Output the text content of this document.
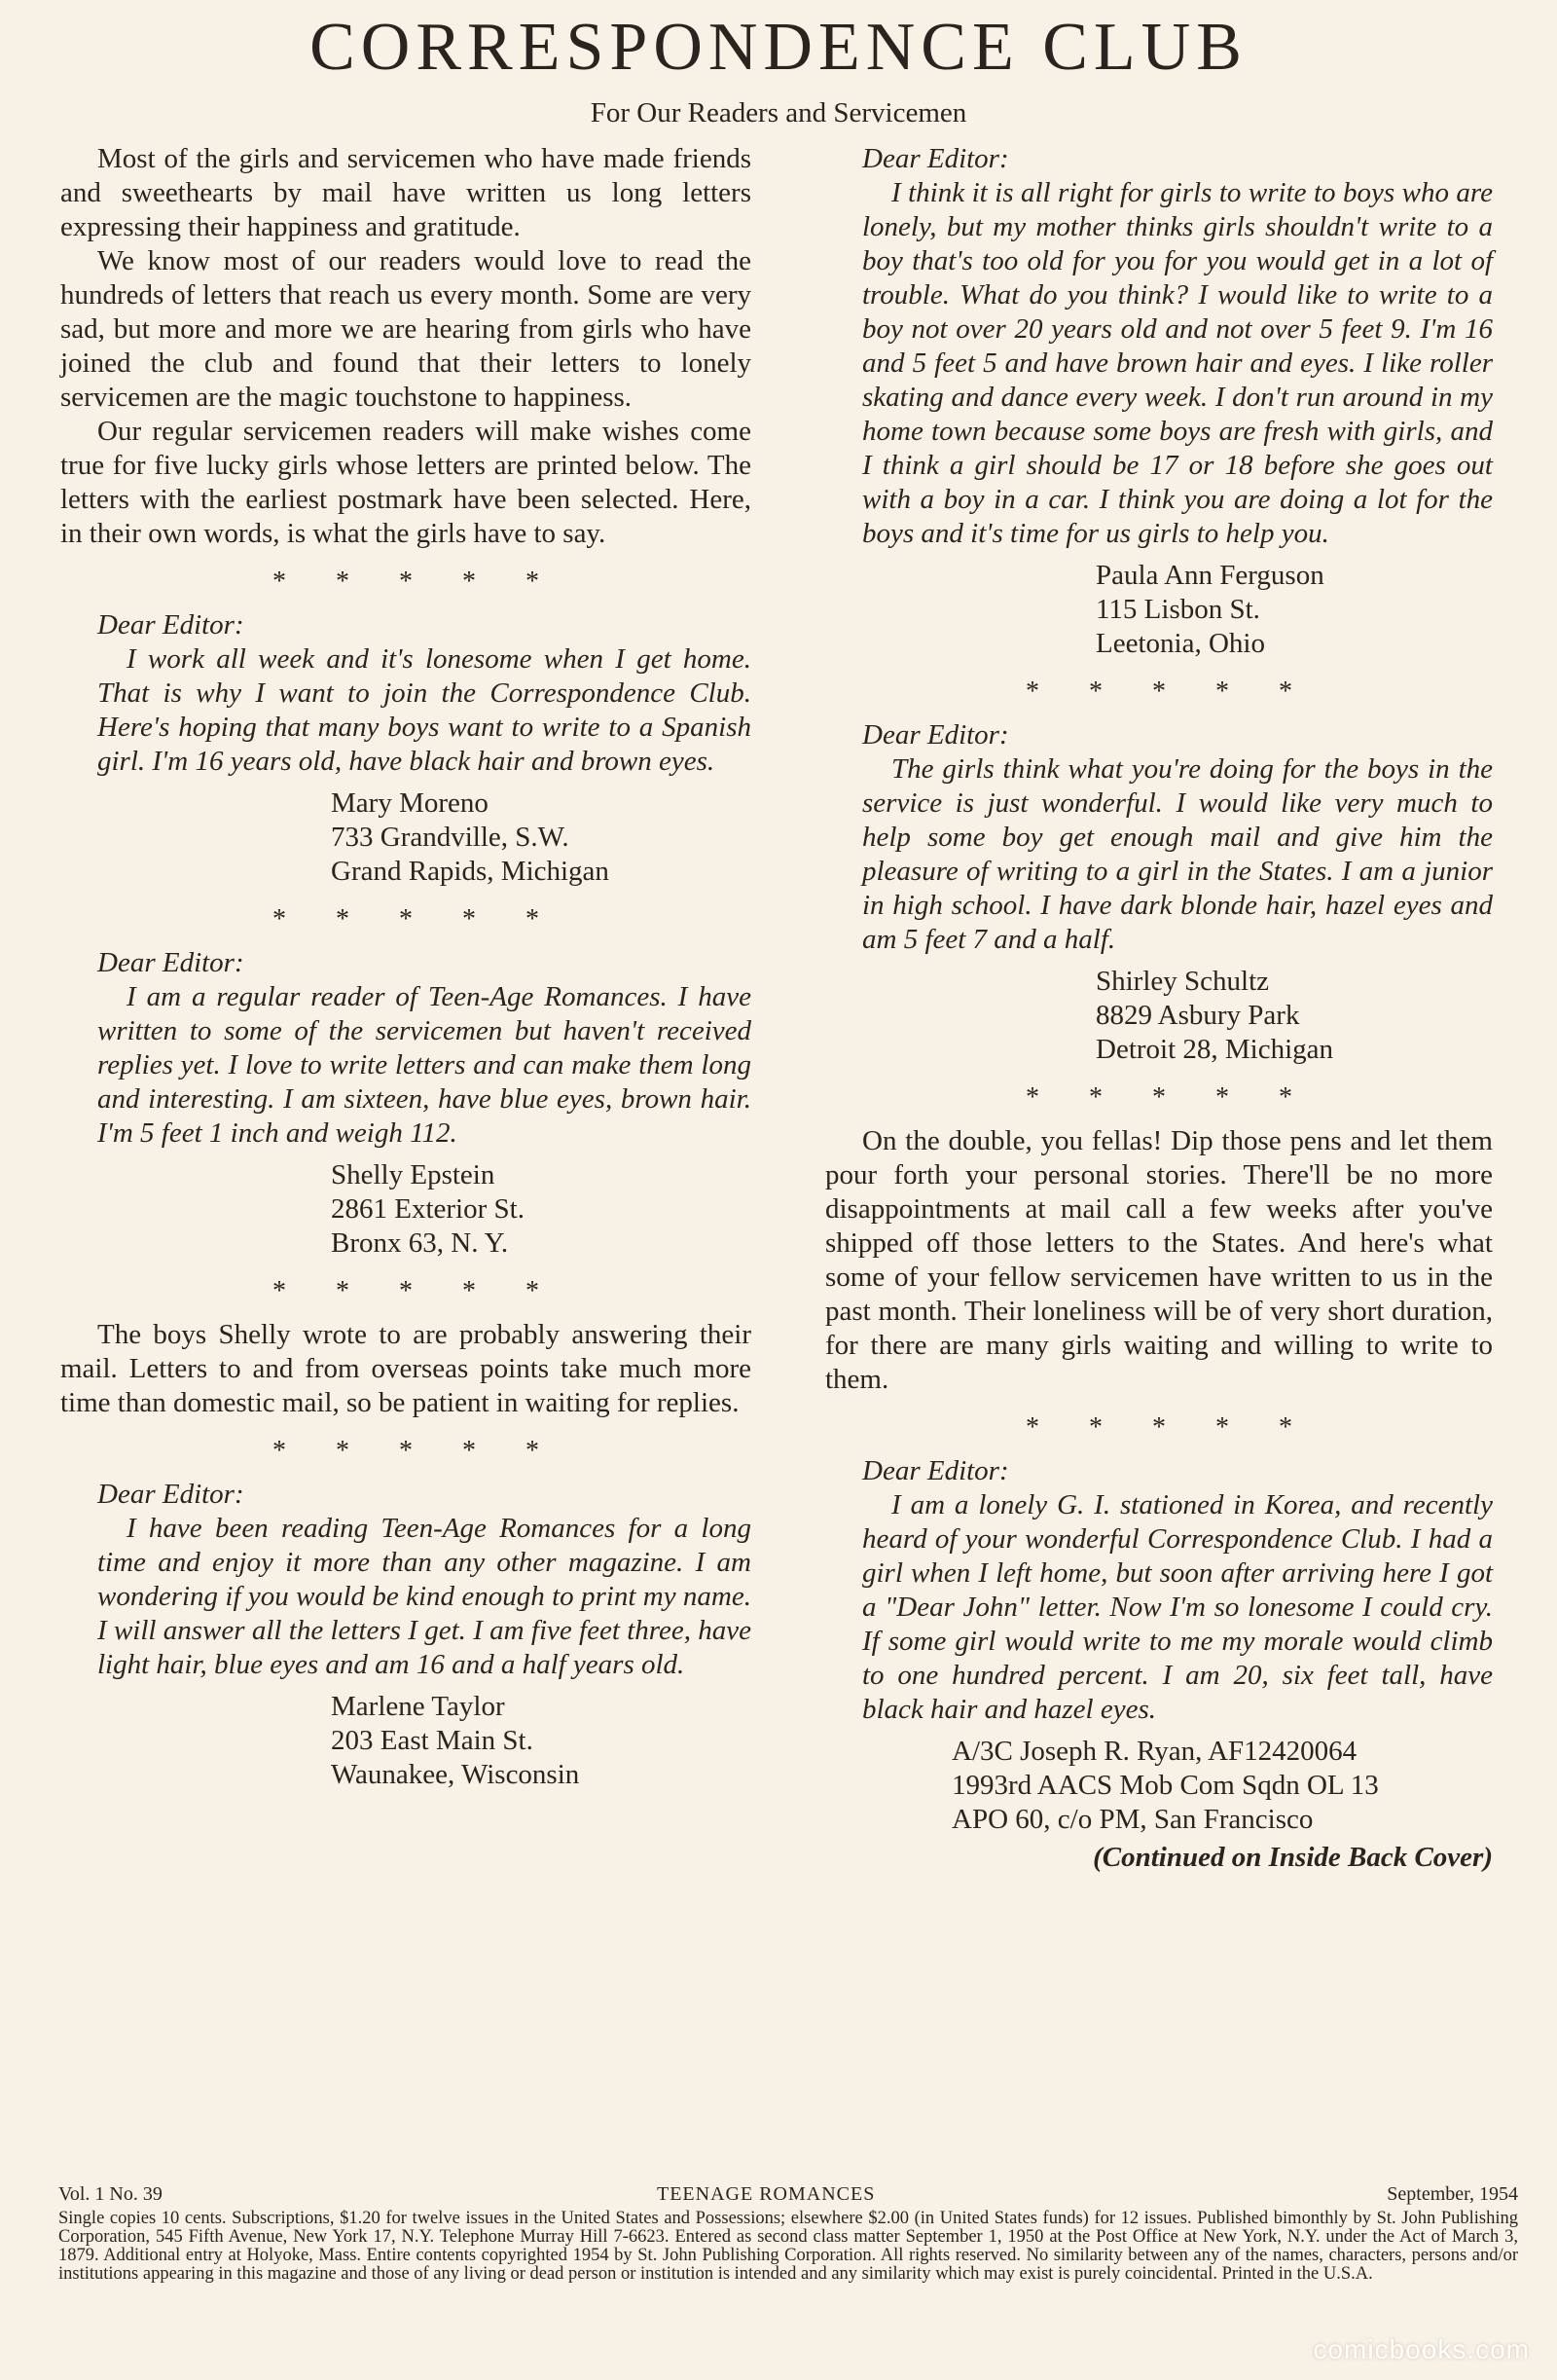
CORRESPONDENCE CLUB

For Our Readers and Servicemen

Most of the girls and servicemen who have made friends and sweethearts by mail have written us long letters expressing their happiness and gratitude.

We know most of our readers would love to read the hundreds of letters that reach us every month. Some are very sad, but more and more we are hearing from girls who have joined the club and found that their letters to lonely servicemen are the magic touchstone to happiness.

Our regular servicemen readers will make wishes come true for five lucky girls whose letters are printed below. The letters with the earliest postmark have been selected. Here, in their own words, is what the girls have to say.

* * * * *

Dear Editor:

I work all week and it's lonesome when I get home. That is why I want to join the Correspondence Club. Here's hoping that many boys want to write to a Spanish girl. I'm 16 years old, have black hair and brown eyes.

Mary Moreno
733 Grandville, S.W.
Grand Rapids, Michigan
* * * * *

Dear Editor:

I am a regular reader of Teen-Age Romances. I have written to some of the servicemen but haven't received replies yet. I love to write letters and can make them long and interesting. I am sixteen, have blue eyes, brown hair. I'm 5 feet 1 inch and weigh 112.

Shelly Epstein
2861 Exterior St.
Bronx 63, N. Y.
* * * * *

The boys Shelly wrote to are probably answering their mail. Letters to and from overseas points take much more time than domestic mail, so be patient in waiting for replies.

* * * * *

Dear Editor:

I have been reading Teen-Age Romances for a long time and enjoy it more than any other magazine. I am wondering if you would be kind enough to print my name. I will answer all the letters I get. I am five feet three, have light hair, blue eyes and am 16 and a half years old.

Marlene Taylor
203 East Main St.
Waunakee, Wisconsin

Dear Editor:

I think it is all right for girls to write to boys who are lonely, but my mother thinks girls shouldn't write to a boy that's too old for you for you would get in a lot of trouble. What do you think? I would like to write to a boy not over 20 years old and not over 5 feet 9. I'm 16 and 5 feet 5 and have brown hair and eyes. I like roller skating and dance every week. I don't run around in my home town because some boys are fresh with girls, and I think a girl should be 17 or 18 before she goes out with a boy in a car. I think you are doing a lot for the boys and it's time for us girls to help you.

Paula Ann Ferguson
115 Lisbon St.
Leetonia, Ohio
* * * * *

Dear Editor:

The girls think what you're doing for the boys in the service is just wonderful. I would like very much to help some boy get enough mail and give him the pleasure of writing to a girl in the States. I am a junior in high school. I have dark blonde hair, hazel eyes and am 5 feet 7 and a half.

Shirley Schultz
8829 Asbury Park
Detroit 28, Michigan
* * * * *

On the double, you fellas! Dip those pens and let them pour forth your personal stories. There'll be no more disappointments at mail call a few weeks after you've shipped off those letters to the States. And here's what some of your fellow servicemen have written to us in the past month. Their loneliness will be of very short duration, for there are many girls waiting and willing to write to them.

* * * * *

Dear Editor:

I am a lonely G. I. stationed in Korea, and recently heard of your wonderful Correspondence Club. I had a girl when I left home, but soon after arriving here I got a "Dear John" letter. Now I'm so lonesome I could cry. If some girl would write to me my morale would climb to one hundred percent. I am 20, six feet tall, have black hair and hazel eyes.

A/3C Joseph R. Ryan, AF12420064
1993rd AACS Mob Com Sqdn OL 13
APO 60, c/o PM, San Francisco

(Continued on Inside Back Cover)

Vol. 1 No. 39	TEENAGE ROMANCES	September, 1954

Single copies 10 cents. Subscriptions, $1.20 for twelve issues in the United States and Possessions; elsewhere $2.00 (in United States funds) for 12 issues. Published bimonthly by St. John Publishing Corporation, 545 Fifth Avenue, New York 17, N.Y. Telephone Murray Hill 7-6623. Entered as second class matter September 1, 1950 at the Post Office at New York, N.Y. under the Act of March 3, 1879. Additional entry at Holyoke, Mass. Entire contents copyrighted 1954 by St. John Publishing Corporation. All rights reserved. No similarity between any of the names, characters, persons and/or institutions appearing in this magazine and those of any living or dead person or institution is intended and any similarity which may exist is purely coincidental. Printed in the U.S.A.

comicbooks.com
